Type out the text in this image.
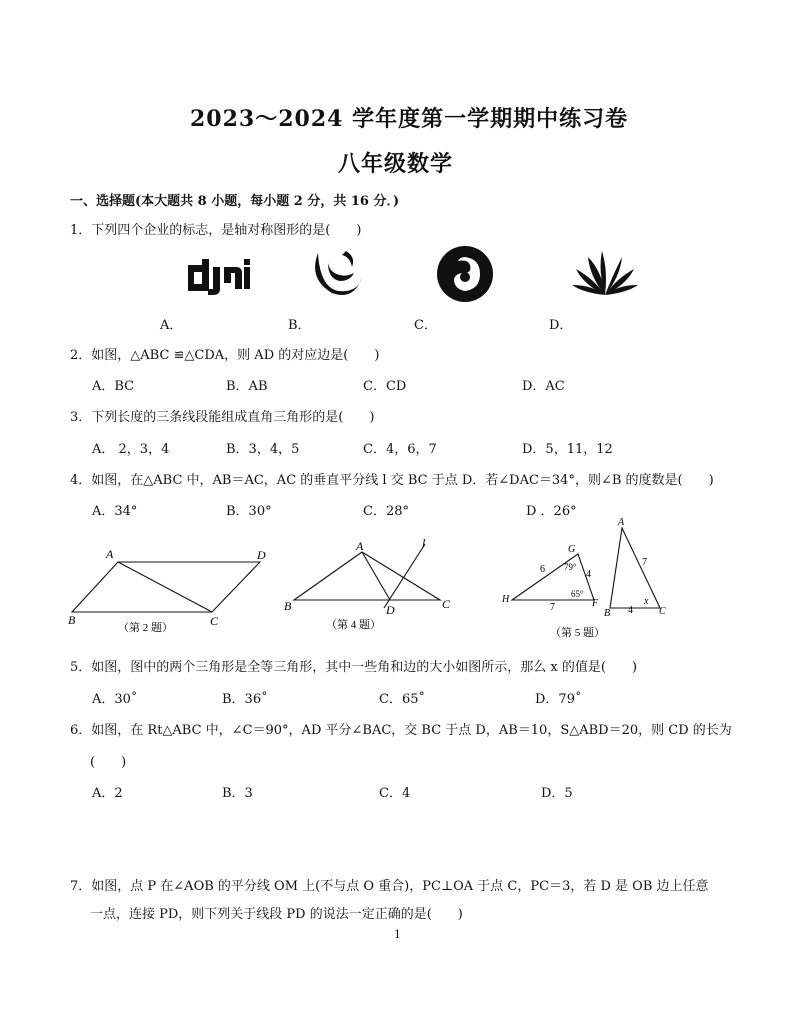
2023～2024 学年度第一学期期中练习卷
八年级数学
一、选择题(本大题共 8 小题，每小题 2 分，共 16 分．)
1．下列四个企业的标志，是轴对称图形的是(　　)
A．	B．	C．	D．
2．如图，△ABC ≌△CDA，则 AD 的对应边是(　　)
A．BC	B．AB	C．CD	D．AC
3．下列长度的三条线段能组成直角三角形的是(　　)
A． 2，3，4	B．3，4，5	C．4，6，7	D．5，11，12
4．如图，在△ABC 中，AB＝AC，AC 的垂直平分线 l 交 BC 于点 D．若∠DAC＝34°，则∠B 的度数是(　　)
A．34°	B．30°	C．28°	D ．26°
A	D
B	C
（第 2 题）
A	l
B	D	C
（第 4 题）
G
79°
6	4
H
7
65°
F
A
7
B 4
x
C
（第 5 题）
5．如图，图中的两个三角形是全等三角形，其中一些角和边的大小如图所示，那么 x 的值是(　　)
A．30˚	B．36˚	C．65˚	D．79˚
6．如图，在 Rt△ABC 中，∠C＝90°，AD 平分∠BAC，交 BC 于点 D，AB＝10，S△ABD＝20，则 CD 的长为
(　　)
A．2	B．3	C．4	D．5
7．如图，点 P 在∠AOB 的平分线 OM 上(不与点 O 重合)，PC⊥OA 于点 C，PC＝3，若 D 是 OB 边上任意
一点，连接 PD，则下列关于线段 PD 的说法一定正确的是(　　)
1
